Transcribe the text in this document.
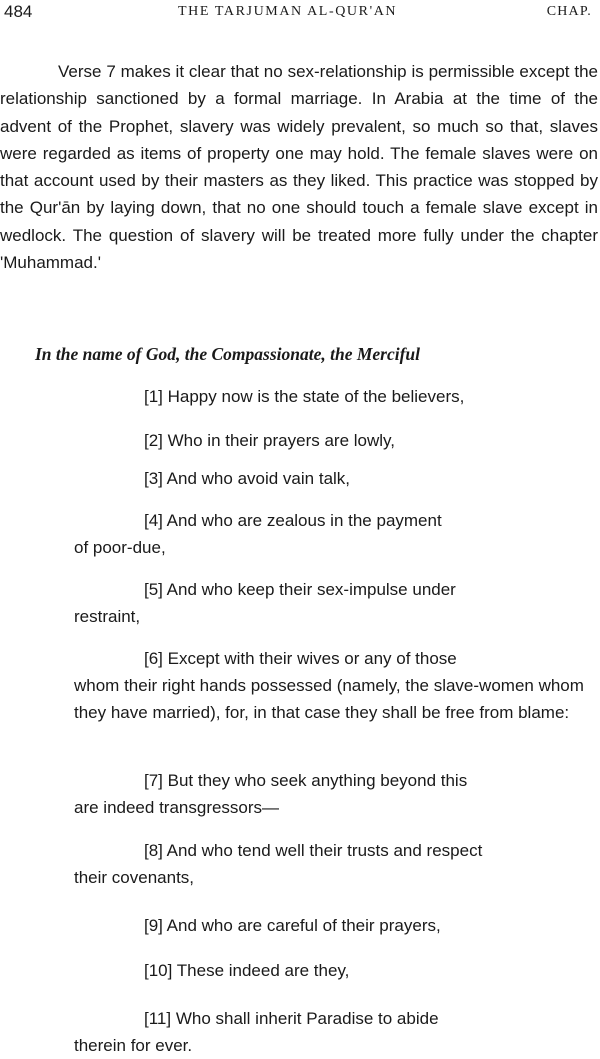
484	THE TARJUMAN AL-QUR'AN	CHAP.

Verse 7 makes it clear that no sex-relationship is permissible except the relationship sanctioned by a formal marriage. In Arabia at the time of the advent of the Prophet, slavery was widely prevalent, so much so that, slaves were regarded as items of property one may hold. The female slaves were on that account used by their masters as they liked. This practice was stopped by the Qur'ān by laying down, that no one should touch a female slave except in wedlock. The question of slavery will be treated more fully under the chapter 'Muhammad.'

In the name of God, the Compassionate, the Merciful

[1] Happy now is the state of the believers,

[2] Who in their prayers are lowly,

[3] And who avoid vain talk,

[4] And who are zealous in the payment
of poor-due,

[5] And who keep their sex-impulse under
restraint,

[6] Except with their wives or any of those
whom their right hands possessed (namely, the slave-women whom they have married), for, in that case they shall be free from blame:

[7] But they who seek anything beyond this
are indeed transgressors—

[8] And who tend well their trusts and respect
their covenants,

[9] And who are careful of their prayers,

[10] These indeed are they,

[11] Who shall inherit Paradise to abide
therein for ever.
